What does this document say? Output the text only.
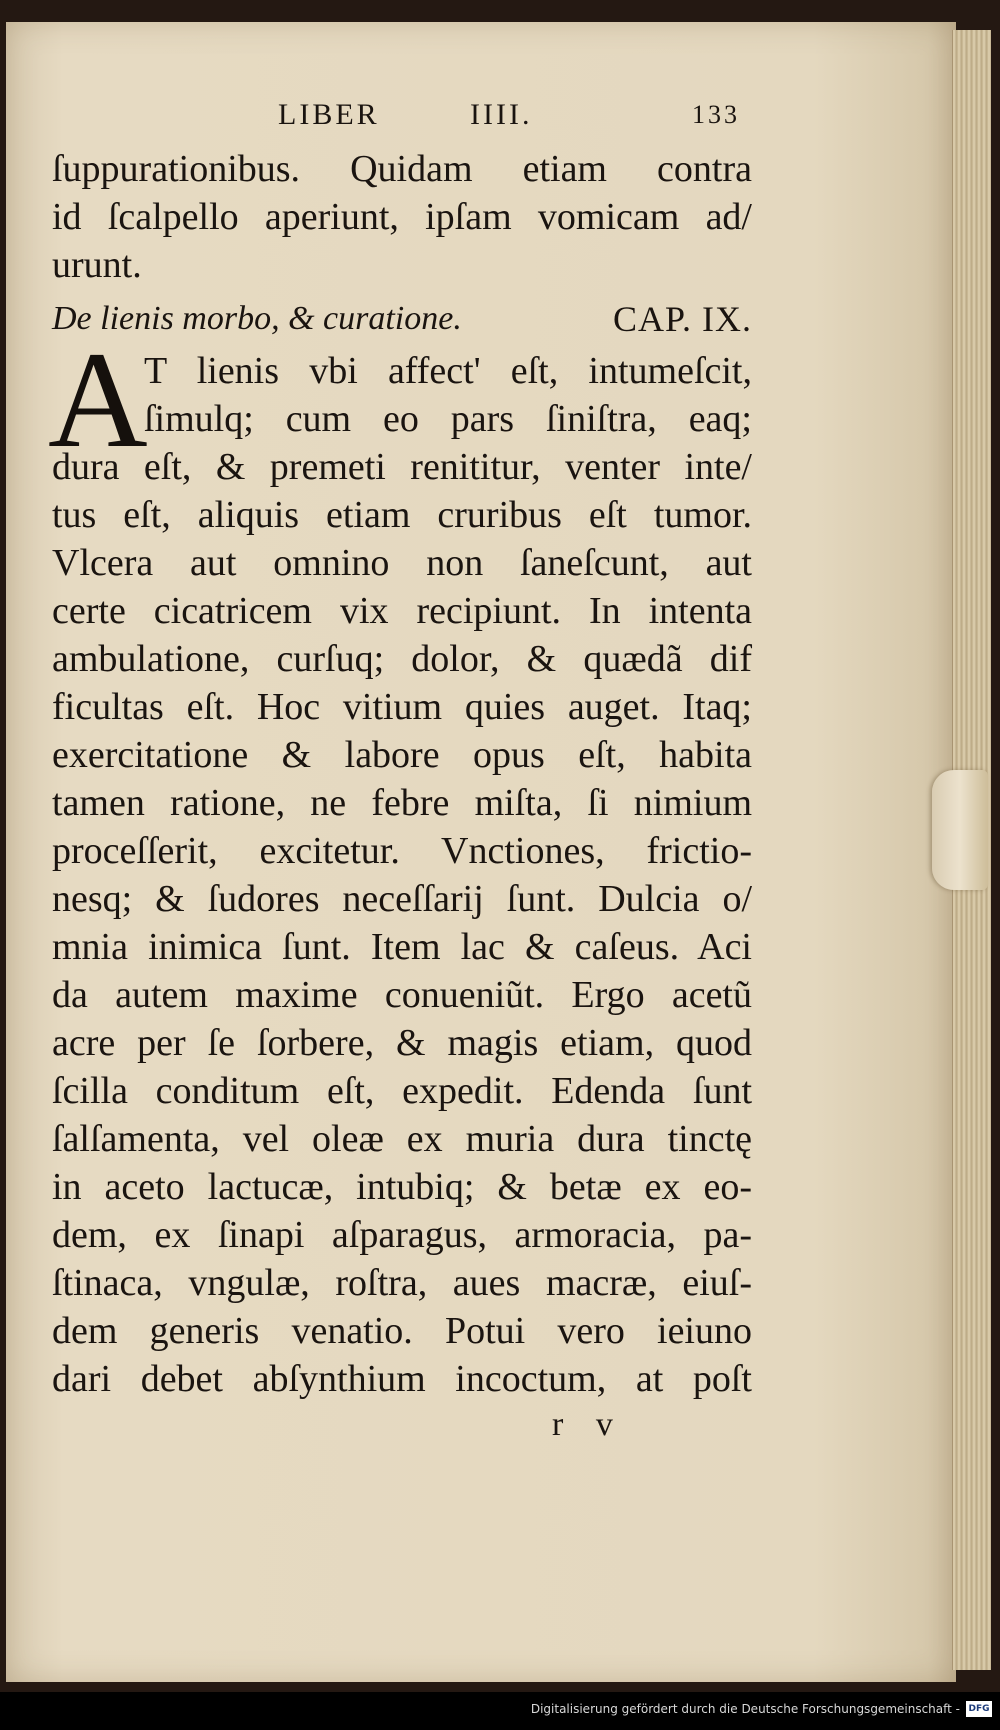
LIBER	IIII.	133
ſuppurationibus. Quidam etiam contra
id ſcalpello aperiunt, ipſam vomicam ad/
urunt.
De lienis morbo, & curatione.	CAP. IX.
A
T lienis vbi affect' eſt, intumeſcit,
ſimulq; cum eo pars ſiniſtra, eaq;
dura eſt, & premeti renititur, venter inte/
tus eſt, aliquis etiam cruribus eſt tumor.
Vlcera aut omnino non ſaneſcunt, aut
certe cicatricem vix recipiunt. In intenta
ambulatione, curſuq; dolor, & quædã dif
ficultas eſt. Hoc vitium quies auget. Itaq;
exercitatione & labore opus eſt, habita
tamen ratione, ne febre miſta, ſi nimium
proceſſerit, excitetur. Vnctiones, frictio-
nesq; & ſudores neceſſarij ſunt. Dulcia o/
mnia inimica ſunt. Item lac & caſeus. Aci
da autem maxime conueniũt. Ergo acetũ
acre per ſe ſorbere, & magis etiam, quod
ſcilla conditum eſt, expedit. Edenda ſunt
ſalſamenta, vel oleæ ex muria dura tinctę
in aceto lactucæ, intubiq; & betæ ex eo-
dem, ex ſinapi aſparagus, armoracia, pa-
ſtinaca, vngulæ, roſtra, aues macræ, eiuſ-
dem generis venatio. Potui vero ieiuno
dari debet abſynthium incoctum, at poſt
r v
Digitalisierung gefördert durch die Deutsche Forschungsgemeinschaft - DFG
